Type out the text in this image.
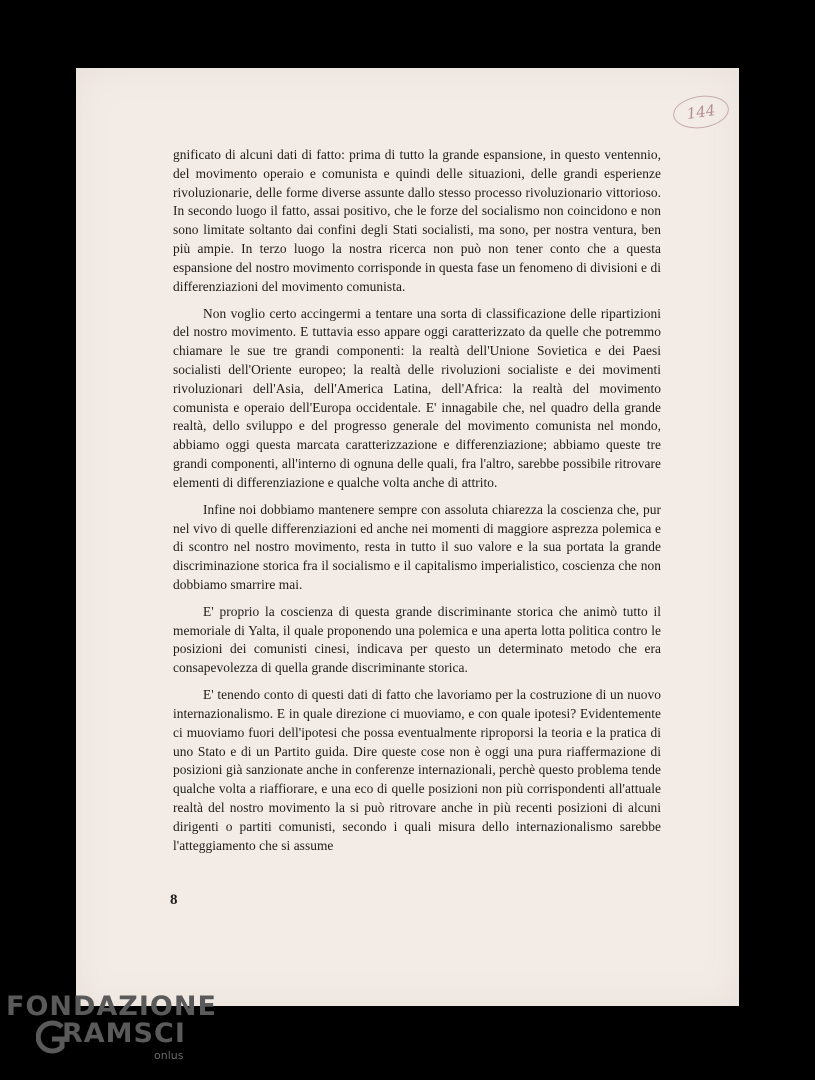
144

gnificato di alcuni dati di fatto: prima di tutto la grande espansione, in questo ventennio, del movimento operaio e comunista e quindi delle situazioni, delle grandi esperienze rivoluzionarie, delle forme diverse assunte dallo stesso processo rivoluzionario vittorioso. In secondo luogo il fatto, assai positivo, che le forze del socialismo non coincidono e non sono limitate soltanto dai confini degli Stati socialisti, ma sono, per nostra ventura, ben più ampie. In terzo luogo la nostra ricerca non può non tener conto che a questa espansione del nostro movimento corrisponde in questa fase un fenomeno di divisioni e di differenziazioni del movimento comunista.

Non voglio certo accingermi a tentare una sorta di classificazione delle ripartizioni del nostro movimento. E tuttavia esso appare oggi caratterizzato da quelle che potremmo chiamare le sue tre grandi componenti: la realtà dell'Unione Sovietica e dei Paesi socialisti dell'Oriente europeo; la realtà delle rivoluzioni socialiste e dei movimenti rivoluzionari dell'Asia, dell'America Latina, dell'Africa: la realtà del movimento comunista e operaio dell'Europa occidentale. E' innagabile che, nel quadro della grande realtà, dello sviluppo e del progresso generale del movimento comunista nel mondo, abbiamo oggi questa marcata caratterizzazione e differenziazione; abbiamo queste tre grandi componenti, all'interno di ognuna delle quali, fra l'altro, sarebbe possibile ritrovare elementi di differenziazione e qualche volta anche di attrito.

Infine noi dobbiamo mantenere sempre con assoluta chiarezza la coscienza che, pur nel vivo di quelle differenziazioni ed anche nei momenti di maggiore asprezza polemica e di scontro nel nostro movimento, resta in tutto il suo valore e la sua portata la grande discriminazione storica fra il socialismo e il capitalismo imperialistico, coscienza che non dobbiamo smarrire mai.

E' proprio la coscienza di questa grande discriminante storica che animò tutto il memoriale di Yalta, il quale proponendo una polemica e una aperta lotta politica contro le posizioni dei comunisti cinesi, indicava per questo un determinato metodo che era consapevolezza di quella grande discriminante storica.

E' tenendo conto di questi dati di fatto che lavoriamo per la costruzione di un nuovo internazionalismo. E in quale direzione ci muoviamo, e con quale ipotesi? Evidentemente ci muoviamo fuori dell'ipotesi che possa eventualmente riproporsi la teoria e la pratica di uno Stato e di un Partito guida. Dire queste cose non è oggi una pura riaffermazione di posizioni già sanzionate anche in conferenze internazionali, perchè questo problema tende qualche volta a riaffiorare, e una eco di quelle posizioni non più corrispondenti all'attuale realtà del nostro movimento la si può ritrovare anche in più recenti posizioni di alcuni dirigenti o partiti comunisti, secondo i quali misura dello internazionalismo sarebbe l'atteggiamento che si assume

8
FONDAZIONE
RAMSCI
onlus
